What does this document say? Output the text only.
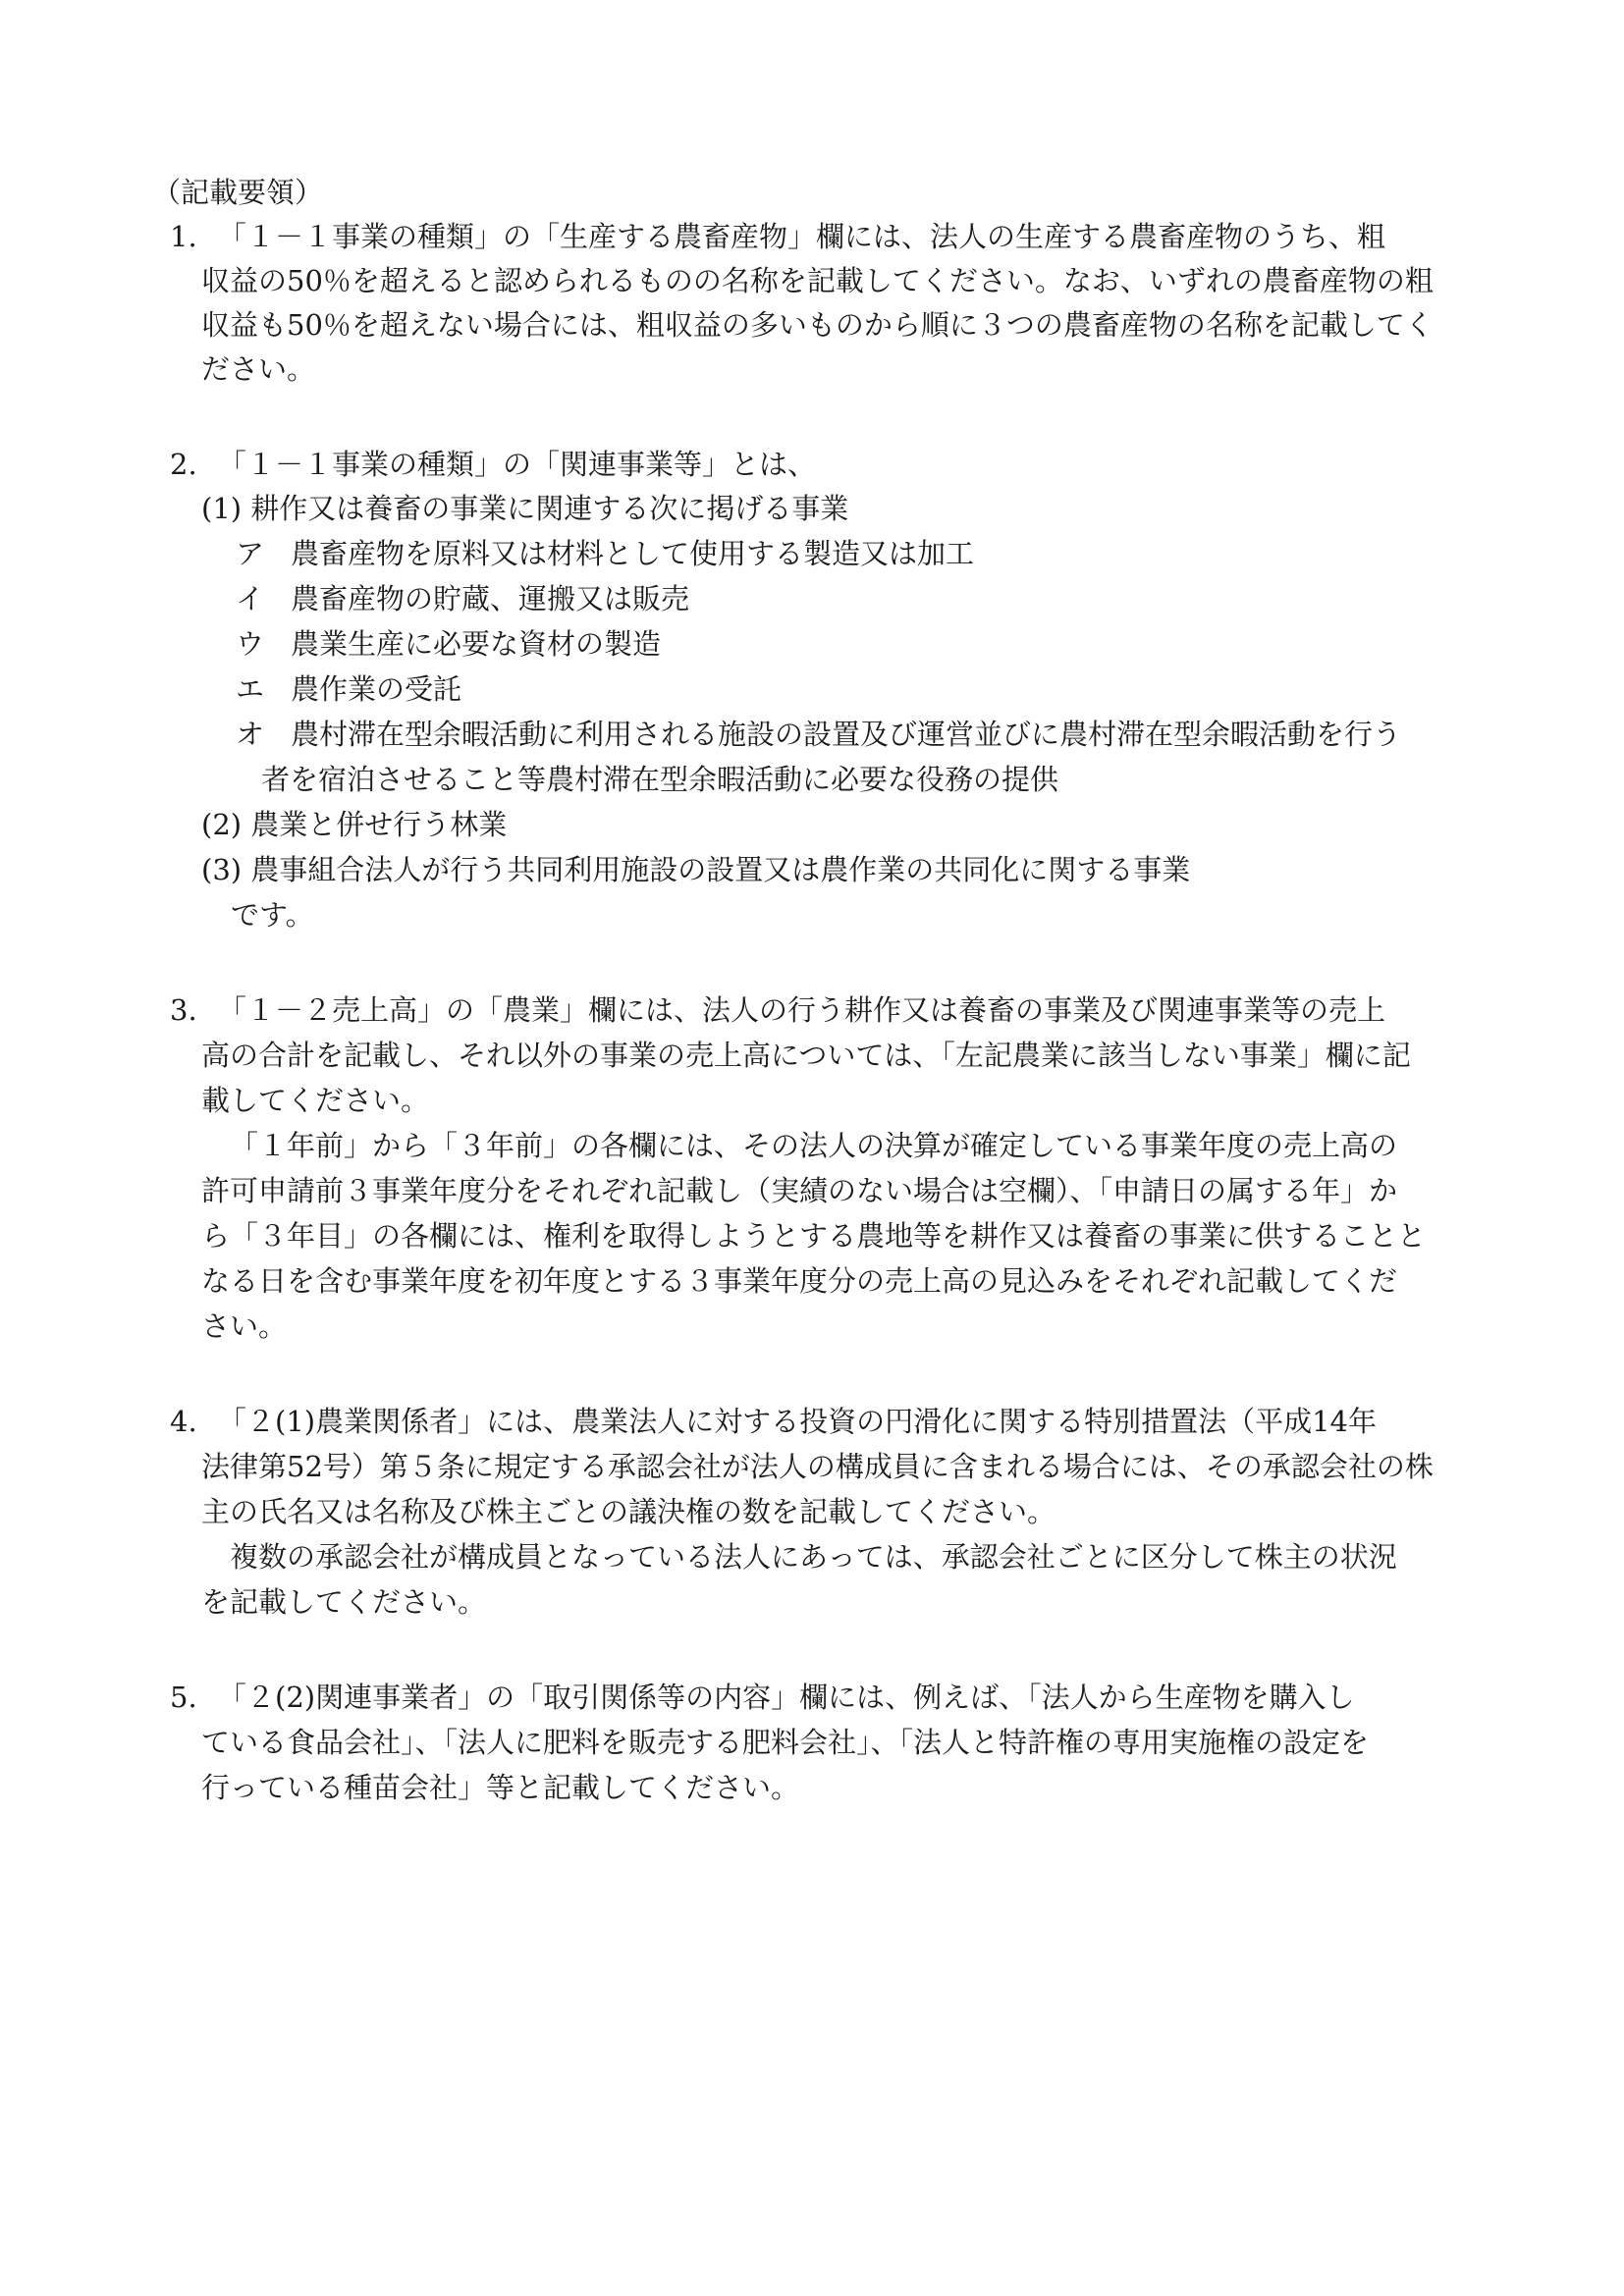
（記載要領）
1. 「１－１事業の種類」の「生産する農畜産物」欄には、法人の生産する農畜産物のうち、粗
収益の50％を超えると認められるものの名称を記載してください。なお、いずれの農畜産物の粗
収益も50％を超えない場合には、粗収益の多いものから順に３つの農畜産物の名称を記載してく
ださい。
2. 「１－１事業の種類」の「関連事業等」とは、
(1) 耕作又は養畜の事業に関連する次に掲げる事業
ア 農畜産物を原料又は材料として使用する製造又は加工
イ 農畜産物の貯蔵、運搬又は販売
ウ 農業生産に必要な資材の製造
エ 農作業の受託
オ 農村滞在型余暇活動に利用される施設の設置及び運営並びに農村滞在型余暇活動を行う
者を宿泊させること等農村滞在型余暇活動に必要な役務の提供
(2) 農業と併せ行う林業
(3) 農事組合法人が行う共同利用施設の設置又は農作業の共同化に関する事業
です。
3. 「１－２売上高」の「農業」欄には、法人の行う耕作又は養畜の事業及び関連事業等の売上
高の合計を記載し、それ以外の事業の売上高については、「左記農業に該当しない事業」欄に記
載してください。
「１年前」から「３年前」の各欄には、その法人の決算が確定している事業年度の売上高の
許可申請前３事業年度分をそれぞれ記載し（実績のない場合は空欄）、「申請日の属する年」か
ら「３年目」の各欄には、権利を取得しようとする農地等を耕作又は養畜の事業に供することと
なる日を含む事業年度を初年度とする３事業年度分の売上高の見込みをそれぞれ記載してくだ
さい。
4. 「２(1)農業関係者」には、農業法人に対する投資の円滑化に関する特別措置法（平成14年
法律第52号）第５条に規定する承認会社が法人の構成員に含まれる場合には、その承認会社の株
主の氏名又は名称及び株主ごとの議決権の数を記載してください。
複数の承認会社が構成員となっている法人にあっては、承認会社ごとに区分して株主の状況
を記載してください。
5. 「２(2)関連事業者」の「取引関係等の内容」欄には、例えば、「法人から生産物を購入し
ている食品会社」、「法人に肥料を販売する肥料会社」、「法人と特許権の専用実施権の設定を
行っている種苗会社」等と記載してください。
